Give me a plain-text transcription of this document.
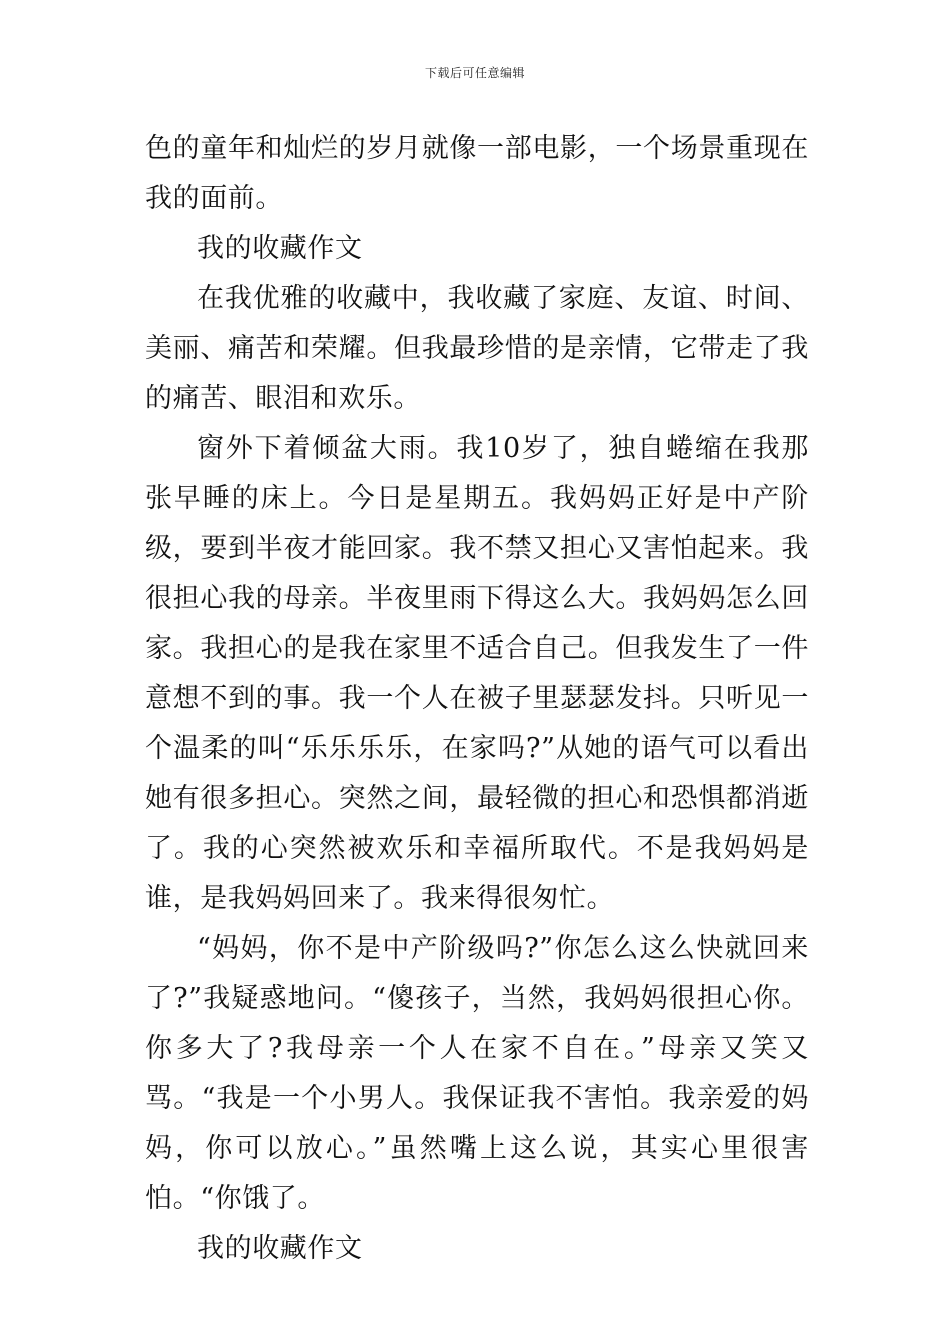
下载后可任意编辑

色的童年和灿烂的岁月就像一部电影，一个场景重现在我的面前。

我的收藏作文

在我优雅的收藏中，我收藏了家庭、友谊、时间、美丽、痛苦和荣耀。但我最珍惜的是亲情，它带走了我的痛苦、眼泪和欢乐。

窗外下着倾盆大雨。我10岁了，独自蜷缩在我那张早睡的床上。今日是星期五。我妈妈正好是中产阶级，要到半夜才能回家。我不禁又担心又害怕起来。我很担心我的母亲。半夜里雨下得这么大。我妈妈怎么回家。我担心的是我在家里不适合自己。但我发生了一件意想不到的事。我一个人在被子里瑟瑟发抖。只听见一个温柔的叫“乐乐乐乐，在家吗?”从她的语气可以看出她有很多担心。突然之间，最轻微的担心和恐惧都消逝了。我的心突然被欢乐和幸福所取代。不是我妈妈是谁，是我妈妈回来了。我来得很匆忙。

“妈妈，你不是中产阶级吗?”你怎么这么快就回来了?”我疑惑地问。“傻孩子，当然，我妈妈很担心你。你多大了?我母亲一个人在家不自在。”母亲又笑又骂。“我是一个小男人。我保证我不害怕。我亲爱的妈妈，你可以放心。”虽然嘴上这么说，其实心里很害怕。“你饿了。

我的收藏作文
